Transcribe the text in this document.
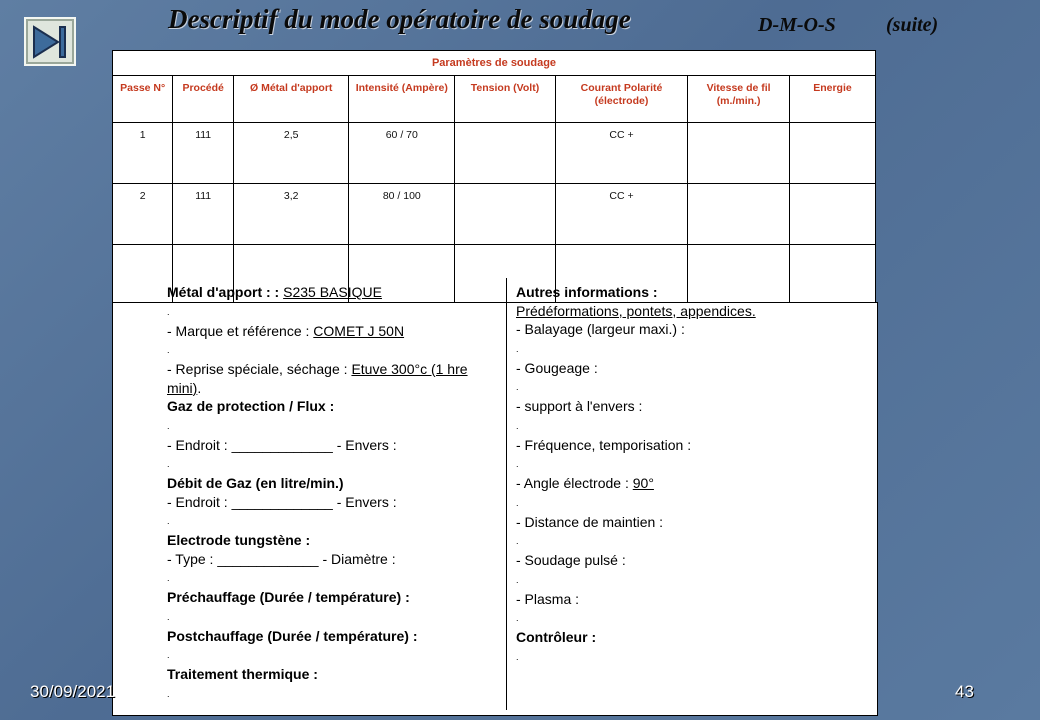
Descriptif du mode opératoire de soudage	D-M-O-S	(suite)
Paramètres de soudage							
Passe N°	Procédé	Ø Métal d'apport	Intensité (Ampère)	Tension (Volt)	Courant Polarité (électrode)	Vitesse de fil (m./min.)	Energie
1	111	2,5	60 / 70		CC +		
2	111	3,2	80 / 100		CC +		

Métal d'apport : : S235 BASIQUE
.
- Marque et référence : COMET J 50N
.
- Reprise spéciale, séchage : Etuve 300°c (1 hre mini).
Gaz de protection / Flux :
.
- Endroit : _____________ - Envers :
.
Débit de Gaz (en litre/min.)
- Endroit : _____________ - Envers :
.
Electrode tungstène :
- Type : _____________ - Diamètre :
.
Préchauffage (Durée / température) :
.
Postchauffage (Durée / température) :
.
Traitement thermique :
.
Autres informations :
Prédéformations, pontets, appendices.
- Balayage (largeur maxi.) :
.
- Gougeage :
.
- support à l'envers :
.
- Fréquence, temporisation :
.
- Angle électrode : 90°
.
- Distance de maintien :
.
- Soudage pulsé :
.
- Plasma :
.
Contrôleur :
.
30/09/2021	43
